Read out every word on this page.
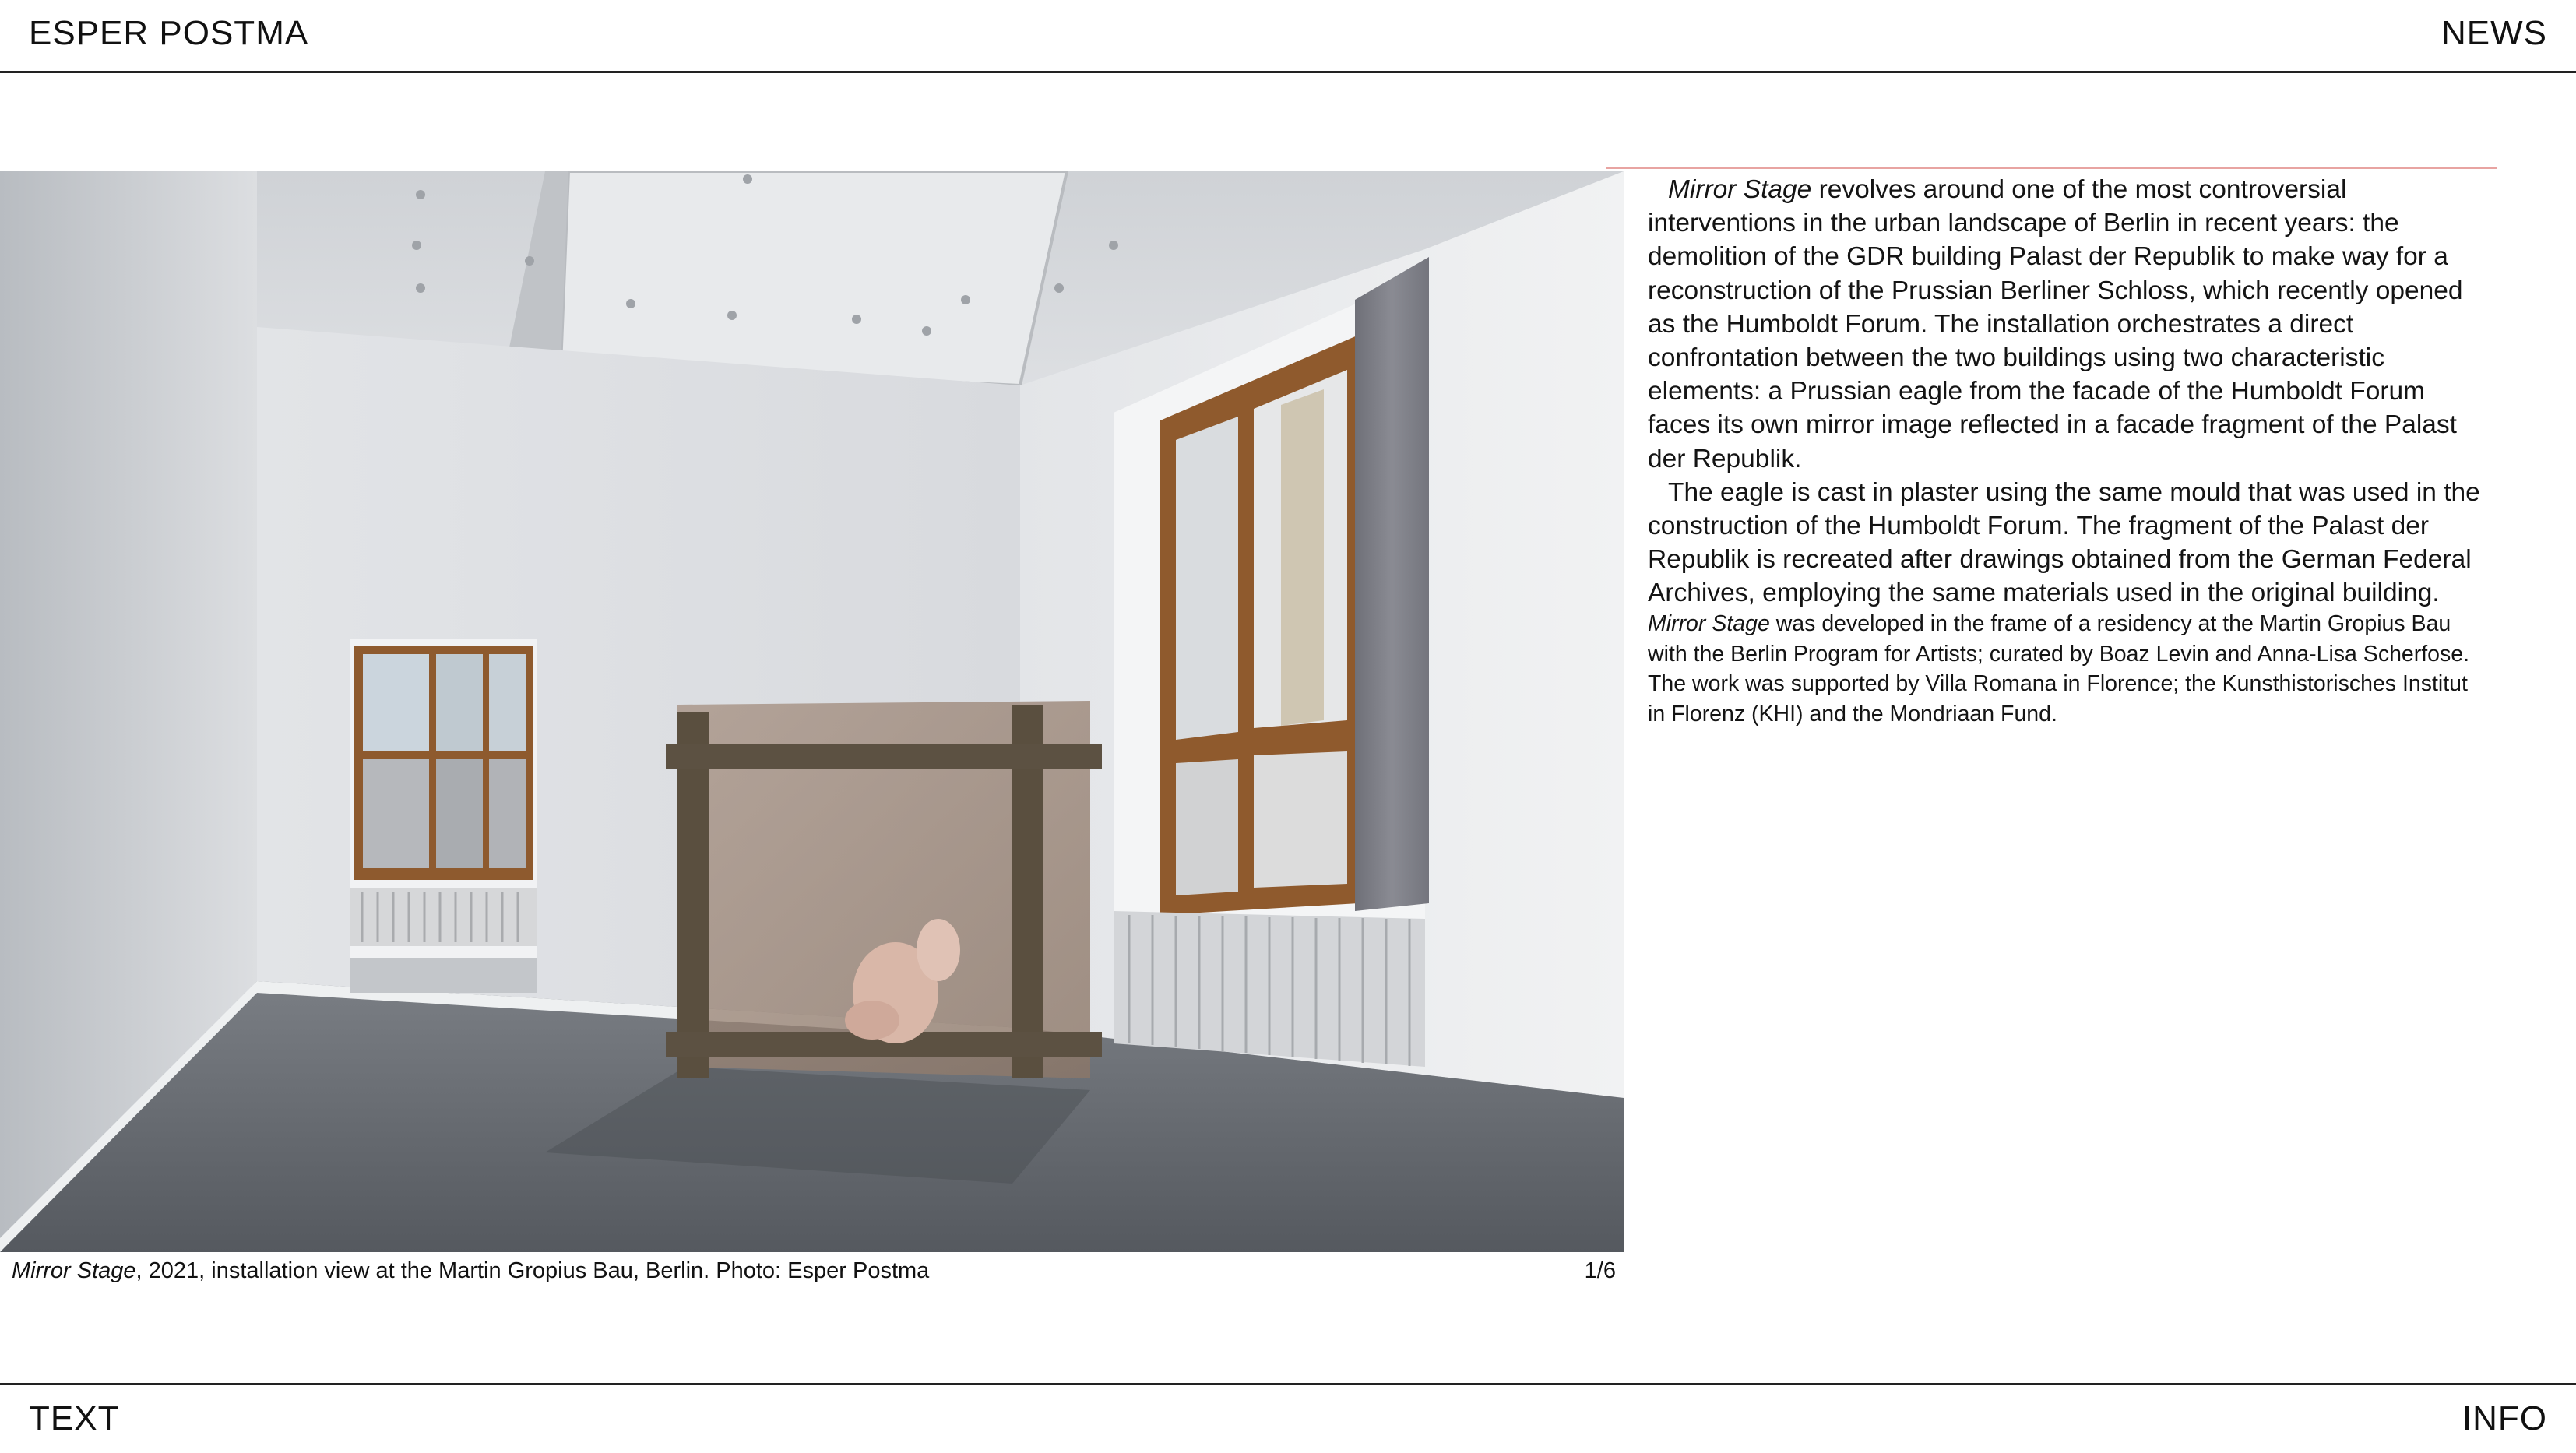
ESPER POSTMA	NEWS
Mirror Stage, 2021, installation view at the Martin Gropius Bau, Berlin. Photo: Esper Postma	1/6

Mirror Stage revolves around one of the most controversial interventions in the urban landscape of Berlin in recent years: the demolition of the GDR building Palast der Republik to make way for a reconstruction of the Prussian Berliner Schloss, which recently opened as the Humboldt Forum. The installation orchestrates a direct confrontation between the two buildings using two characteristic elements: a Prussian eagle from the facade of the Humboldt Forum faces its own mirror image reflected in a facade fragment of the Palast der Republik.

The eagle is cast in plaster using the same mould that was used in the construction of the Humboldt Forum. The fragment of the Palast der Republik is recreated after drawings obtained from the German Federal Archives, employing the same materials used in the original building.

Mirror Stage was developed in the frame of a residency at the Martin Gropius Bau with the Berlin Program for Artists; curated by Boaz Levin and Anna-Lisa Scherfose. The work was supported by Villa Romana in Florence; the Kunsthistorisches Institut in Florenz (KHI) and the Mondriaan Fund.
TEXT	INFO
